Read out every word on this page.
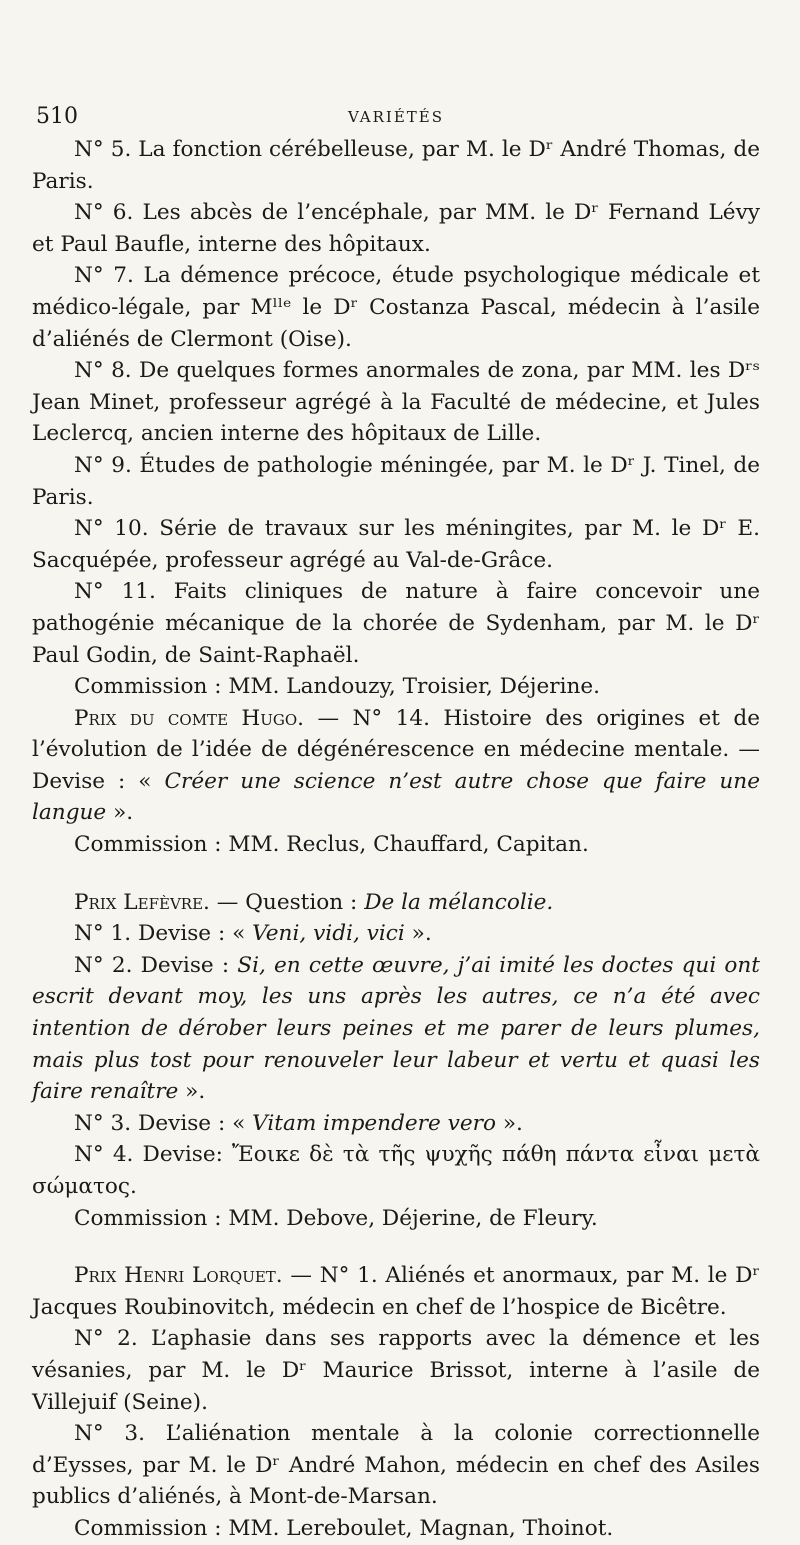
510	VARIÉTÉS

N° 5. La fonction cérébelleuse, par M. le Dʳ André Thomas, de Paris.

N° 6. Les abcès de l’encéphale, par MM. le Dʳ Fernand Lévy et Paul Baufle, interne des hôpitaux.

N° 7. La démence précoce, étude psychologique médicale et médico-légale, par Mˡˡᵉ le Dʳ Costanza Pascal, médecin à l’asile d’aliénés de Clermont (Oise).

N° 8. De quelques formes anormales de zona, par MM. les Dʳˢ Jean Minet, professeur agrégé à la Faculté de médecine, et Jules Leclercq, ancien interne des hôpitaux de Lille.

N° 9. Études de pathologie méningée, par M. le Dʳ J. Tinel, de Paris.

N° 10. Série de travaux sur les méningites, par M. le Dʳ E. Sacquépée, professeur agrégé au Val-de-Grâce.

N° 11. Faits cliniques de nature à faire concevoir une pathogénie mécanique de la chorée de Sydenham, par M. le Dʳ Paul Godin, de Saint-Raphaël.

Commission : MM. Landouzy, Troisier, Déjerine.

Prix du comte Hugo. — N° 14. Histoire des origines et de l’évolution de l’idée de dégénérescence en médecine mentale. — Devise : « Créer une science n’est autre chose que faire une langue ».

Commission : MM. Reclus, Chauffard, Capitan.

Prix Lefèvre. — Question : De la mélancolie.

N° 1. Devise : « Veni, vidi, vici ».

N° 2. Devise : Si, en cette œuvre, j’ai imité les doctes qui ont escrit devant moy, les uns après les autres, ce n’a été avec intention de dérober leurs peines et me parer de leurs plumes, mais plus tost pour renouveler leur labeur et vertu et quasi les faire renaître ».

N° 3. Devise : « Vitam impendere vero ».

N° 4. Devise: Ἔοικε δὲ τὰ τῆς ψυχῆς πάθη πάντα εἶναι μετὰ σώματος.

Commission : MM. Debove, Déjerine, de Fleury.

Prix Henri Lorquet. — N° 1. Aliénés et anormaux, par M. le Dʳ Jacques Roubinovitch, médecin en chef de l’hospice de Bicêtre.

N° 2. L’aphasie dans ses rapports avec la démence et les vésanies, par M. le Dʳ Maurice Brissot, interne à l’asile de Villejuif (Seine).

N° 3. L’aliénation mentale à la colonie correctionnelle d’Eysses, par M. le Dʳ André Mahon, médecin en chef des Asiles publics d’aliénés, à Mont-de-Marsan.

Commission : MM. Lereboulet, Magnan, Thoinot.
